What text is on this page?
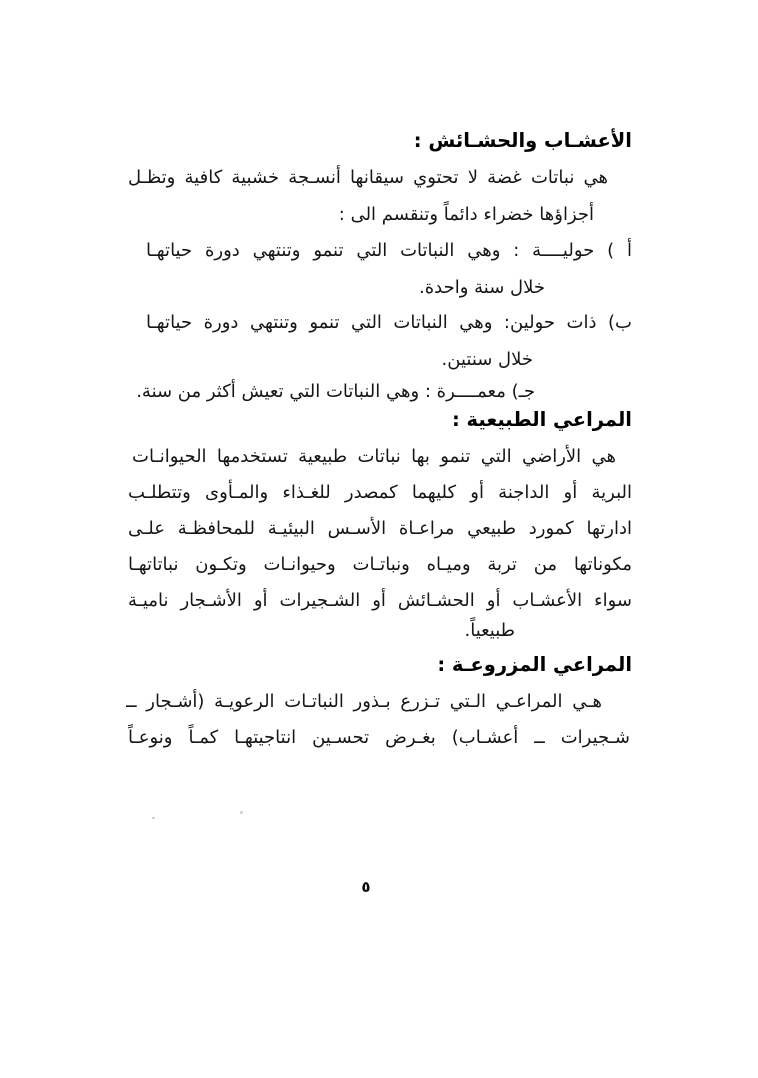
الأعشـاب والحشـائش :
هي نباتات غضة لا تحتوي سيقانها أنسـجة خشبية كافية وتظـل
أجزاؤها خضراء دائماً وتنقسم الى :
أ ) حوليــــة : وهي النباتات التي تنمو وتنتهي دورة حياتهـا
خلال سنة واحدة.
ب) ذات حولين: وهي النباتات التي تنمو وتنتهي دورة حياتهـا
خلال سنتين.
جـ) معمــــرة : وهي النباتات التي تعيش أكثر من سنة.
المراعي الطبيعية :
هي الأراضي التي تنمو بها نباتات طبيعية تستخدمها الحيوانـات
البرية أو الداجنة أو كليهما كمصدر للغـذاء والمـأوى وتتطلـب
ادارتها كمورد طبيعي مراعـاة الأسـس البيئيـة للمحافظـة علـى
مكوناتها من تربة وميـاه ونباتـات وحيوانـات وتكـون نباتاتهـا
سواء الأعشـاب أو الحشـائش أو الشـجيرات أو الأشـجار ناميـة
طبيعياً.
المراعي المزروعـة :
هـي المراعـي الـتي تـزرع بـذور النباتـات الرعويـة (أشـجار ــ
شـجيرات ــ أعشـاب) بغـرض تحسـين انتاجيتهـا كمـاً ونوعـاً
٥
